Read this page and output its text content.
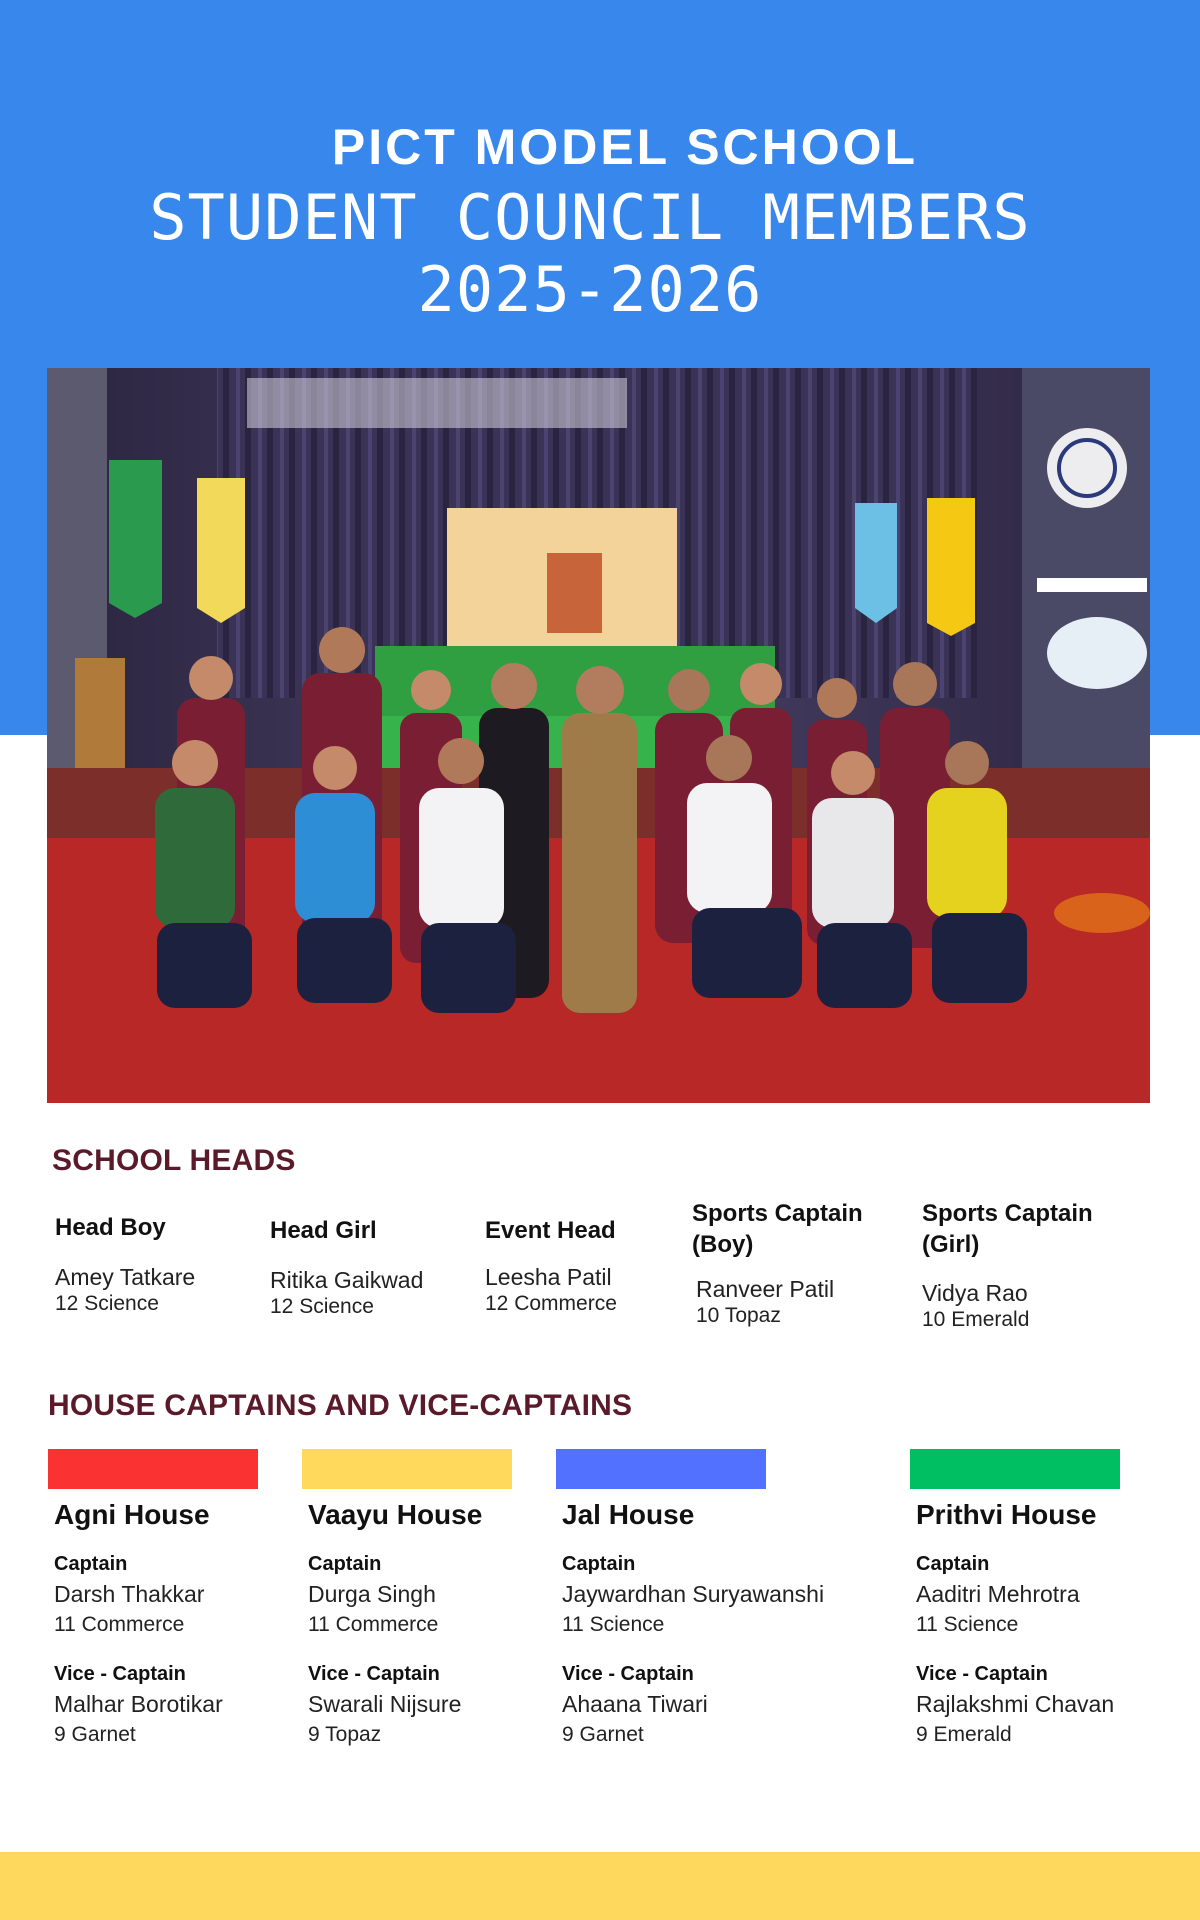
PICT MODEL SCHOOL
STUDENT COUNCIL MEMBERS
2025-2026
SCHOOL HEADS

Head Boy

Amey Tatkare

12 Science

Head Girl

Ritika Gaikwad

12 Science

Event Head

Leesha Patil

12 Commerce

Sports Captain (Boy)

Ranveer Patil

10 Topaz

Sports Captain (Girl)

Vidya Rao

10 Emerald

HOUSE CAPTAINS AND VICE-CAPTAINS
Agni House
Captain
Darsh Thakkar
11 Commerce
Vice - Captain
Malhar Borotikar
9 Garnet
Vaayu House
Captain
Durga Singh
11 Commerce
Vice - Captain
Swarali Nijsure
9 Topaz
Jal House
Captain
Jaywardhan Suryawanshi
11 Science
Vice - Captain
Ahaana Tiwari
9 Garnet
Prithvi House
Captain
Aaditri Mehrotra
11 Science
Vice - Captain
Rajlakshmi Chavan
9 Emerald
